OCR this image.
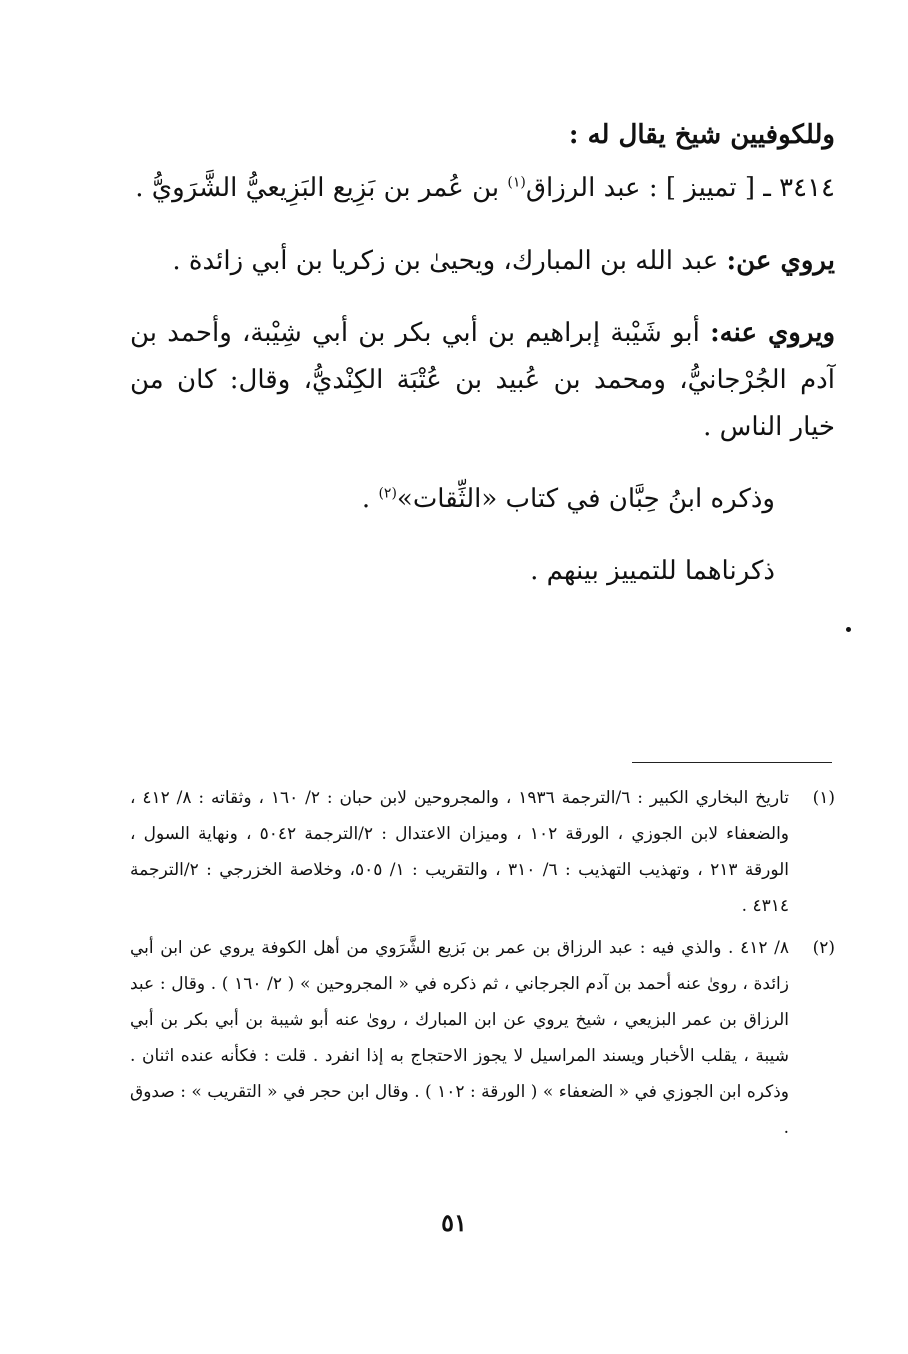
وللكوفيين شيخ يقال له :

٣٤١٤ ـ [ تمييز ] : عبد الرزاق$^{(١)}$ بن عُمر بن بَزِيع البَزِيعيُّ الشَّرَويُّ .

يروي عن: عبد الله بن المبارك، ويحيىٰ بن زكريا بن أبي زائدة .

ويروي عنه: أبو شَيْبة إبراهيم بن أبي بكر بن أبي شِيْبة، وأحمد بن آدم الجُرْجانيُّ، ومحمد بن عُبيد بن عُتْبَة الكِنْديُّ، وقال: كان من خيار الناس .

وذكره ابنُ حِبَّان في كتاب «الثِّقات»$^{(٢)}$ .

ذكرناهما للتمييز بينهم .

(١)
تاريخ البخاري الكبير : ٦/الترجمة ١٩٣٦ ، والمجروحين لابن حبان : ٢/ ١٦٠ ، وثقاته : ٨/ ٤١٢ ، والضعفاء لابن الجوزي ، الورقة ١٠٢ ، وميزان الاعتدال : ٢/الترجمة ٥٠٤٢ ، ونهاية السول ، الورقة ٢١٣ ، وتهذيب التهذيب : ٦/ ٣١٠ ، والتقريب : ١/ ٥٠٥، وخلاصة الخزرجي : ٢/الترجمة ٤٣١٤ .
(٢)
٨/ ٤١٢ . والذي فيه : عبد الرزاق بن عمر بن بَزيع الشَّرَوي من أهل الكوفة يروي عن ابن أبي زائدة ، روىٰ عنه أحمد بن آدم الجرجاني ، ثم ذكره في « المجروحين » ( ٢/ ١٦٠ ) . وقال : عبد الرزاق بن عمر البزيعي ، شيخ يروي عن ابن المبارك ، روىٰ عنه أبو شيبة بن أبي بكر بن أبي شيبة ، يقلب الأخبار ويسند المراسيل لا يجوز الاحتجاج به إذا انفرد . قلت : فكأنه عنده اثنان . وذكره ابن الجوزي في « الضعفاء » ( الورقة : ١٠٢ ) . وقال ابن حجر في « التقريب » : صدوق .
٥١
